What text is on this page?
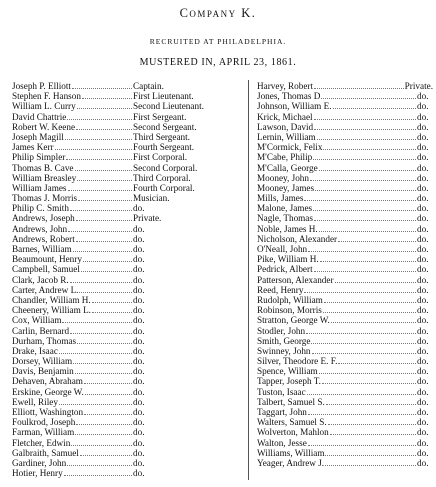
Company K.
RECRUITED AT PHILADELPHIA.
MUSTERED IN, APRIL 23, 1861.
Joseph P. Elliott	Captain.
Stephen F. Hanson	First Lieutenant.
William L. Curry	Second Lieutenant.
David Chattrie	First Sergeant.
Robert W. Keene	Second Sergeant.
Joseph Magill	Third Sergeant.
James Kerr	Fourth Sergeant.
Philip Simpler	First Corporal.
Thomas B. Cave	Second Corporal.
William Breasley	Third Corporal.
William James	Fourth Corporal.
Thomas J. Morris	Musician.
Philip C. Smith	do.
Andrews, Joseph	Private.
Andrews, John	do.
Andrews, Robert	do.
Barnes, William	do.
Beaumount, Henry	do.
Campbell, Samuel	do.
Clark, Jacob R.	do.
Carter, Andrew L.	do.
Chandler, William H.	do.
Cheenery, William L.	do.
Cox, William	do.
Carlin, Bernard	do.
Durham, Thomas	do.
Drake, Isaac	do.
Dorsey, William	do.
Davis, Benjamin	do.
Dehaven, Abraham	do.
Erskine, George W.	do.
Ewell, Riley	do.
Elliott, Washington	do.
Foulkrod, Joseph	do.
Farman, William	do.
Fletcher, Edwin	do.
Galbraith, Samuel	do.
Gardiner, John	do.
Hotier, Henry	do.
Harvey, Robert	Private.
Jones, Thomas D	do.
Johnson, William E.	do.
Krick, Michael	do.
Lawson, David	do.
Lernin, William	do.
M'Cormick, Felix	do.
M'Cabe, Philip	do.
M'Calla, George	do.
Mooney, John	do.
Mooney, James	do.
Mills, James	do.
Malone, James	do.
Nagle, Thomas	do.
Noble, James H.	do.
Nicholson, Alexander	do.
O'Neall, John	do.
Pike, William H.	do.
Pedrick, Albert	do.
Patterson, Alexander	do.
Reed, Henry	do.
Rudolph, William	do.
Robinson, Morris	do.
Stratton, George W.	do.
Stodler, John	do.
Smith, George	do.
Swinney, John	do.
Silver, Theodore E. F.	do.
Spence, William	do.
Tapper, Joseph T.	do.
Tuston, Isaac	do.
Talbert, Samuel S.	do.
Taggart, John	do.
Walters, Samuel S.	do.
Wolverton, Mahlon	do.
Walton, Jesse	do.
Williams, William	do.
Yeager, Andrew J.	do.
